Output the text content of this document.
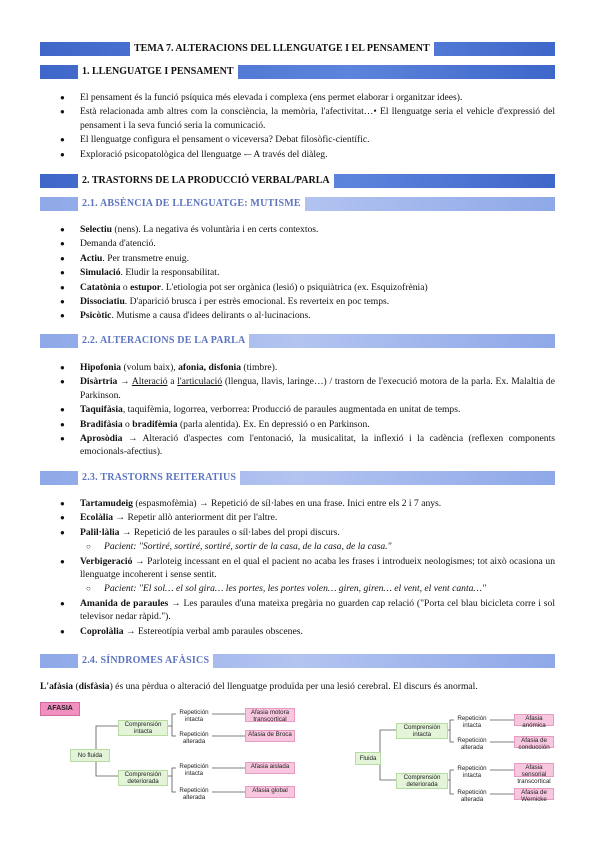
TEMA 7. ALTERACIONS DEL LLENGUATGE I EL PENSAMENT
1. LLENGUATGE I PENSAMENT
● El pensament és la funció psíquica més elevada i complexa (ens permet elaborar i organitzar idees).
● Està relacionada amb altres com la consciència, la memòria, l'afectivitat…• El llenguatge seria el vehicle d'expressió del pensament i la seva funció seria la comunicació.
● El llenguatge configura el pensament o viceversa? Debat filosòfic-científic.
● Exploració psicopatològica del llenguatge -– A través del diàleg.
2. TRASTORNS DE LA PRODUCCIÓ VERBAL/PARLA
2.1. ABSÈNCIA DE LLENGUATGE: MUTISME
● Selectiu (nens). La negativa és voluntària i en certs contextos.
● Demanda d'atenció.
● Actiu. Per transmetre enuig.
● Simulació. Eludir la responsabilitat.
● Catatònia o estupor. L'etiologia pot ser orgànica (lesió) o psiquiàtrica (ex. Esquizofrènia)
● Dissociatiu. D'aparició brusca i per estrès emocional. Es reverteix en poc temps.
● Psicòtic. Mutisme a causa d'idees delirants o al·lucinacions.
2.2. ALTERACIONS DE LA PARLA
● Hipofonia (volum baix), afonia, disfonia (timbre).
● Disàrtria → Alteració a l'articulació (llengua, llavis, laringe…) / trastorn de l'execució motora de la parla. Ex. Malaltia de Parkinson.
● Taquifàsia, taquifèmia, logorrea, verborrea: Producció de paraules augmentada en unitat de temps.
● Bradifàsia o bradifèmia (parla alentida). Ex. En depressió o en Parkinson.
● Aprosòdia → Alteració d'aspectes com l'entonació, la musicalitat, la inflexió i la cadència (reflexen components emocionals-afectius).
2.3. TRASTORNS REITERATIUS
● Tartamudeig (espasmofèmia) → Repetició de síl·labes en una frase. Inici entre els 2 i 7 anys.
● Ecolàlia → Repetir allò anteriorment dit per l'altre.
● Palil·làlia → Repetició de les paraules o síl·labes del propi discurs.
○ Pacient: "Sortiré, sortiré, sortiré, sortir de la casa, de la casa, de la casa."
● Verbigeració → Parloteig incessant en el qual el pacient no acaba les frases i introdueix neologismes; tot això ocasiona un llenguatge incoherent i sense sentit.
○ Pacient: "El sol… el sol gira… les portes, les portes volen… giren, giren… el vent, el vent canta…"
● Amanida de paraules → Les paraules d'una mateixa pregària no guarden cap relació ("Porta cel blau bicicleta corre i sol televisor nedar ràpid.").
● Coprolàlia → Estereotípia verbal amb paraules obscenes.
2.4. SÍNDROMES AFÀSICS
L'afàsia (disfàsia) és una pèrdua o alteració del llenguatge produïda per una lesió cerebral. El discurs és anormal.
AFASIA
No fluida
Comprensión intacta
Comprensión deteriorada
Repetición intacta
Repetición alterada
Repetición intacta
Repetición alterada
Afasia motora transcortical
Afasia de Broca
Afasia aislada
Afasia global
Fluida
Comprensión intacta
Comprensión deteriorada
Repetición intacta
Repetición alterada
Repetición intacta
Repetición alterada
Afasia anómica
Afasia de conducción
Afasia sensorial transcortical
Afasia de Wernicke
